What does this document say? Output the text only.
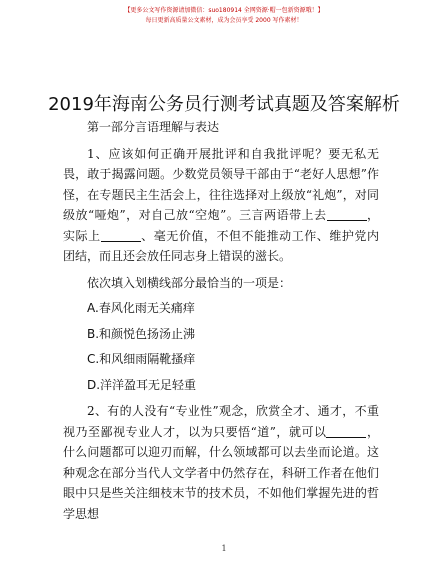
【更多公文写作资源请加微信：suo180914 全网资源·帽一包新资源哦！】
每日更新高质量公文素材，成为会员享受 2000 写作素材！
2019年海南公务员行测考试真题及答案解析

第一部分言语理解与表达

1、应该如何正确开展批评和自我批评呢？要无私无畏，敢于揭露问题。少数党员领导干部由于“老好人思想”作怪，在专题民主生活会上，往往选择对上级放“礼炮”，对同级放“哑炮”，对自己放“空炮”。三言两语带上去	，实际上	、毫无价值，不但不能推动工作、维护党内团结，而且还会放任同志身上错误的滋长。

依次填入划横线部分最恰当的一项是：

A.春风化雨无关痛痒

B.和颜悦色扬汤止沸

C.和风细雨隔靴搔痒

D.洋洋盈耳无足轻重

2、有的人没有“专业性”观念，欣赏全才、通才，不重视乃至鄙视专业人才，以为只要悟“道”，就可以	，什么问题都可以迎刃而解，什么领域都可以去坐而论道。这种观念在部分当代人文学者中仍然存在，科研工作者在他们眼中只是些关注细枝末节的技术员，不如他们掌握先进的哲学思想

1
